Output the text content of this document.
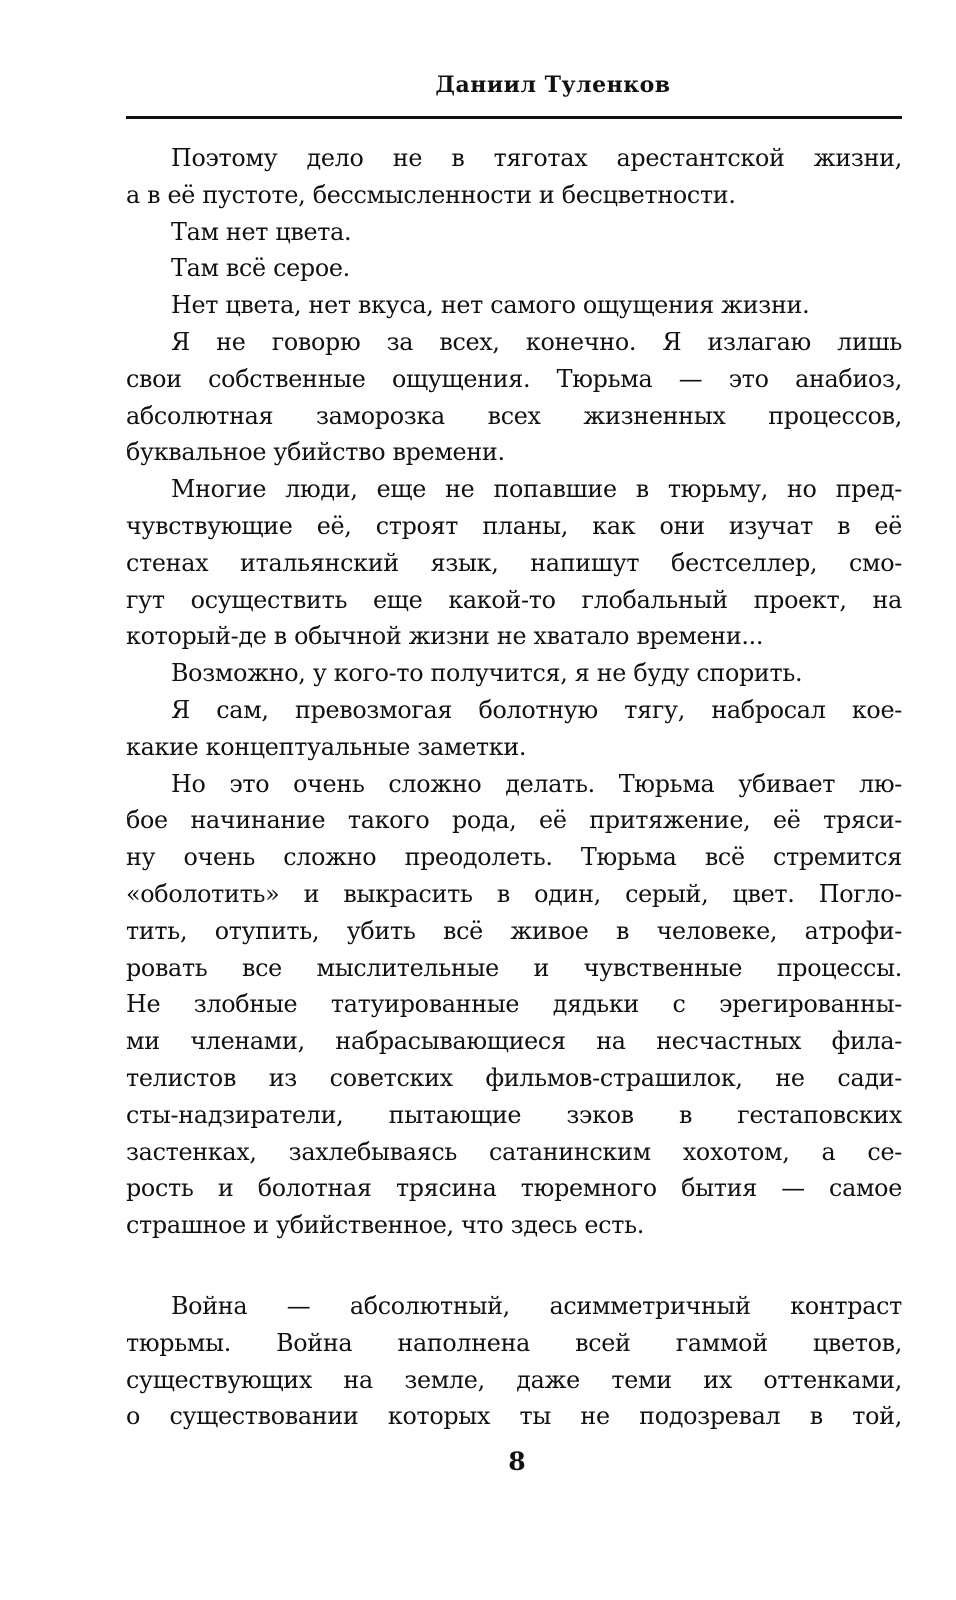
Даниил Туленков
Поэтому дело не в тяготах арестантской жизни,
а в её пустоте, бессмысленности и бесцветности.
Там нет цвета.
Там всё серое.
Нет цвета, нет вкуса, нет самого ощущения жизни.
Я не говорю за всех, конечно. Я излагаю лишь
свои собственные ощущения. Тюрьма — это анабиоз,
абсолютная заморозка всех жизненных процессов,
буквальное убийство времени.
Многие люди, еще не попавшие в тюрьму, но пред-
чувствующие её, строят планы, как они изучат в её
стенах итальянский язык, напишут бестселлер, смо-
гут осуществить еще какой-то глобальный проект, на
который-де в обычной жизни не хватало времени...
Возможно, у кого-то получится, я не буду спорить.
Я сам, превозмогая болотную тягу, набросал кое-
какие концептуальные заметки.
Но это очень сложно делать. Тюрьма убивает лю-
бое начинание такого рода, её притяжение, её тряси-
ну очень сложно преодолеть. Тюрьма всё стремится
«оболотить» и выкрасить в один, серый, цвет. Погло-
тить, отупить, убить всё живое в человеке, атрофи-
ровать все мыслительные и чувственные процессы.
Не злобные татуированные дядьки с эрегированны-
ми членами, набрасывающиеся на несчастных фила-
телистов из советских фильмов-страшилок, не сади-
сты-надзиратели, пытающие зэков в гестаповских
застенках, захлебываясь сатанинским хохотом, а се-
рость и болотная трясина тюремного бытия — самое
страшное и убийственное, что здесь есть.
Война — абсолютный, асимметричный контраст
тюрьмы. Война наполнена всей гаммой цветов,
существующих на земле, даже теми их оттенками,
о существовании которых ты не подозревал в той,
8
